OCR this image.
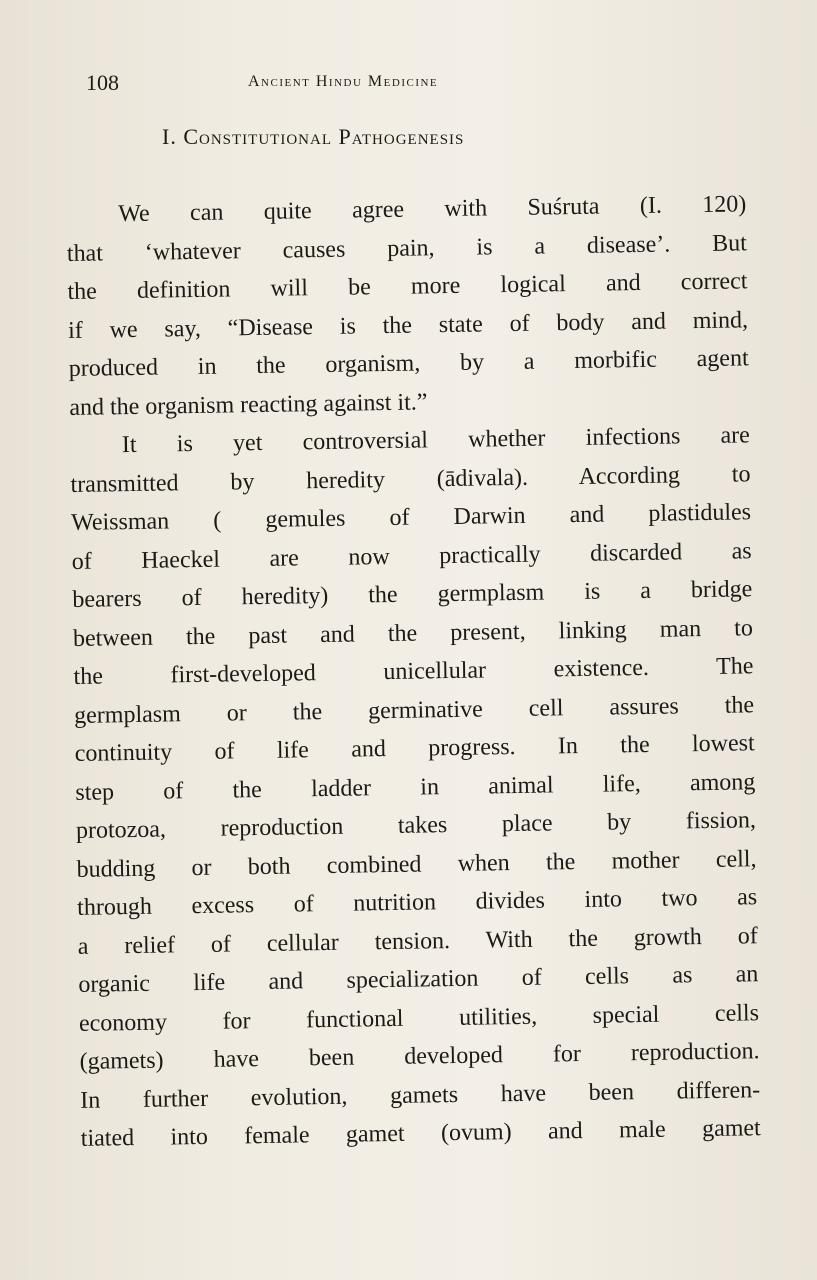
108	Ancient Hindu Medicine
I. Constitutional Pathogenesis
We can quite agree with Suśruta (I. 120)
that ‘whatever causes pain, is a disease’. But
the definition will be more logical and correct
if we say, “Disease is the state of body and mind,
produced in the organism, by a morbific agent
and the organism reacting against it.”
It is yet controversial whether infections are
transmitted by heredity (ādivala). According to
Weissman ( gemules of Darwin and plastidules
of Haeckel are now practically discarded as
bearers of heredity) the germplasm is a bridge
between the past and the present, linking man to
the first-developed unicellular existence. The
germplasm or the germinative cell assures the
continuity of life and progress. In the lowest
step of the ladder in animal life, among
protozoa, reproduction takes place by fission,
budding or both combined when the mother cell,
through excess of nutrition divides into two as
a relief of cellular tension. With the growth of
organic life and specialization of cells as an
economy for functional utilities, special cells
(gamets) have been developed for reproduction.
In further evolution, gamets have been differen-
tiated into female gamet (ovum) and male gamet
